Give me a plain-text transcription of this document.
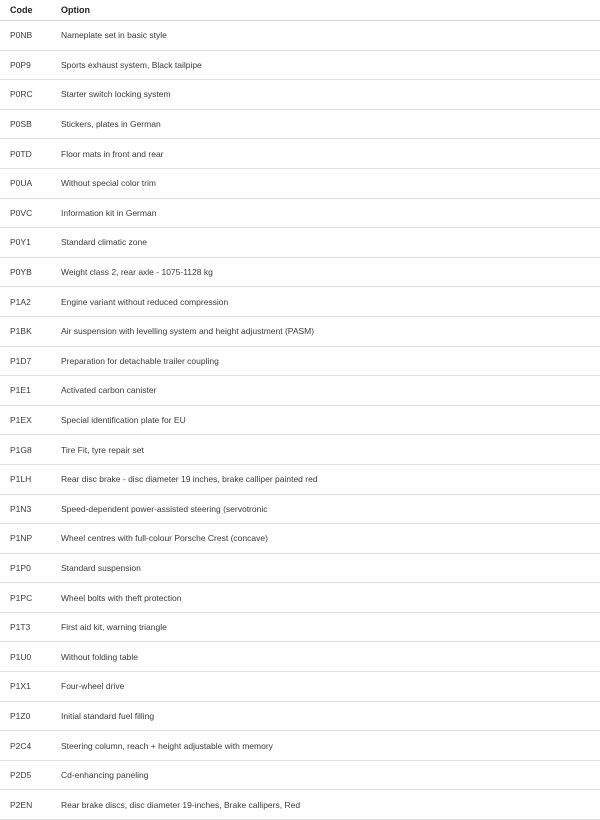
Code	Option
P0NB	Nameplate set in basic style
P0P9	Sports exhaust system, Black tailpipe
P0RC	Starter switch locking system
P0SB	Stickers, plates in German
P0TD	Floor mats in front and rear
P0UA	Without special color trim
P0VC	Information kit in German
P0Y1	Standard climatic zone
P0YB	Weight class 2, rear axle - 1075-1128 kg
P1A2	Engine variant without reduced compression
P1BK	Air suspension with levelling system and height adjustment (PASM)
P1D7	Preparation for detachable trailer coupling
P1E1	Activated carbon canister
P1EX	Special identification plate for EU
P1G8	Tire Fit, tyre repair set
P1LH	Rear disc brake - disc diameter 19 inches, brake calliper painted red
P1N3	Speed-dependent power-assisted steering (servotronic
P1NP	Wheel centres with full-colour Porsche Crest (concave)
P1P0	Standard suspension
P1PC	Wheel bolts with theft protection
P1T3	First aid kit, warning triangle
P1U0	Without folding table
P1X1	Four-wheel drive
P1Z0	Initial standard fuel filling
P2C4	Steering column, reach + height adjustable with memory
P2D5	Cd-enhancing paneling
P2EN	Rear brake discs, disc diameter 19-inches, Brake callipers, Red
